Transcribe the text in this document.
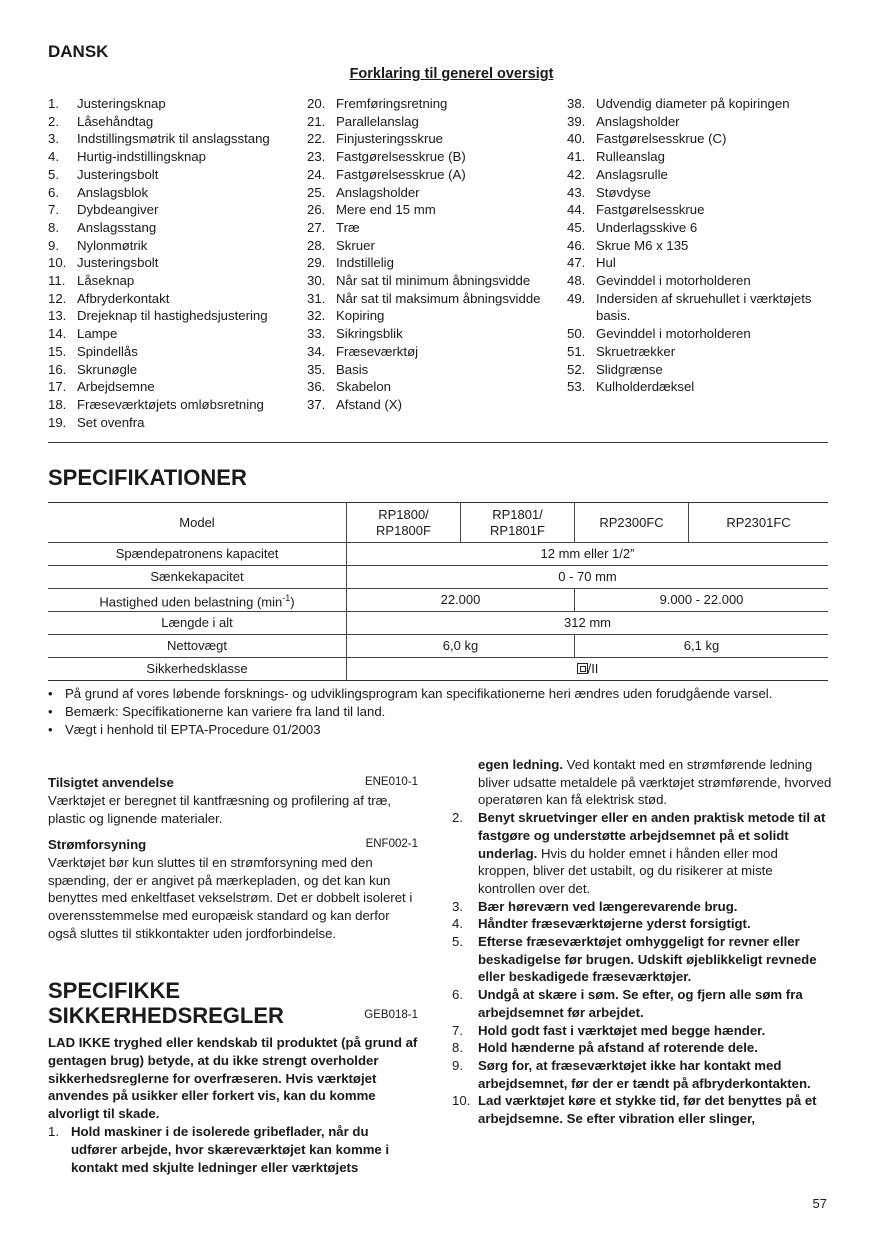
DANSK
Forklaring til generel oversigt
1.	Justeringsknap
2.	Låsehåndtag
3.	Indstillingsmøtrik til anslagsstang
4.	Hurtig-indstillingsknap
5.	Justeringsbolt
6.	Anslagsblok
7.	Dybdeangiver
8.	Anslagsstang
9.	Nylonmøtrik
10. Justeringsbolt
11. Låseknap
12. Afbryderkontakt
13. Drejeknap til hastighedsjustering
14. Lampe
15. Spindellås
16. Skrunøgle
17. Arbejdsemne
18. Fræseværktøjets omløbsretning
19. Set ovenfra
20. Fremføringsretning
21. Parallelanslag
22. Finjusteringsskrue
23. Fastgørelsesskrue (B)
24. Fastgørelsesskrue (A)
25. Anslagsholder
26. Mere end 15 mm
27. Træ
28. Skruer
29. Indstillelig
30. Når sat til minimum åbningsvidde
31. Når sat til maksimum åbningsvidde
32. Kopiring
33. Sikringsblik
34. Fræseværktøj
35. Basis
36. Skabelon
37. Afstand (X)
38. Udvendig diameter på kopiringen
39. Anslagsholder
40. Fastgørelsesskrue (C)
41. Rulleanslag
42. Anslagsrulle
43. Støvdyse
44. Fastgørelsesskrue
45. Underlagsskive 6
46. Skrue M6 x 135
47. Hul
48. Gevinddel i motorholderen
49. Indersiden af skruehullet i værktøjets basis.
50. Gevinddel i motorholderen
51. Skruetrækker
52. Slidgrænse
53. Kulholderdæksel
SPECIFIKATIONER
Model	RP1800/ RP1800F	RP1801/ RP1801F	RP2300FC	RP2301FC
Spændepatronens kapacitet	12 mm eller 1/2”			
Sænkekapacitet	0 - 70 mm			
Hastighed uden belastning $(\min^{-1})$	22.000		9.000 - 22.000	
Længde i alt	312 mm			
Nettovægt	6,0 kg		6,1 kg	
Sikkerhedsklasse	/II			
• På grund af vores løbende forsknings- og udviklingsprogram kan specifikationerne heri ændres uden forudgående varsel.
• Bemærk: Specifikationerne kan variere fra land til land.
• Vægt i henhold til EPTA-Procedure 01/2003
Tilsigtet anvendelse	ENE010-1
Værktøjet er beregnet til kantfræsning og profilering af træ, plastic og lignende materialer.
Strømforsyning	ENF002-1
Værktøjet bør kun sluttes til en strømforsyning med den spænding, der er angivet på mærkepladen, og det kan kun benyttes med enkeltfaset vekselstrøm. Det er dobbelt isoleret i overensstemmelse med europæisk standard og kan derfor også sluttes til stikkontakter uden jordforbindelse.
SPECIFIKKE
SIKKERHEDSREGLER	GEB018-1
LAD IKKE tryghed eller kendskab til produktet (på grund af gentagen brug) betyde, at du ikke strengt overholder sikkerhedsreglerne for overfræseren. Hvis værktøjet anvendes på usikker eller forkert vis, kan du komme alvorligt til skade.
1. Hold maskiner i de isolerede gribeflader, når du udfører arbejde, hvor skæreværktøjet kan komme i kontakt med skjulte ledninger eller værktøjets
egen ledning. Ved kontakt med en strømførende ledning bliver udsatte metaldele på værktøjet strømførende, hvorved operatøren kan få elektrisk stød.
2.	Benyt skruetvinger eller en anden praktisk metode til at fastgøre og understøtte arbejdsemnet på et solidt underlag. Hvis du holder emnet i hånden eller mod kroppen, bliver det ustabilt, og du risikerer at miste kontrollen over det.
3.	Bær høreværn ved længerevarende brug.
4.	Håndter fræseværktøjerne yderst forsigtigt.
5.	Efterse fræseværktøjet omhyggeligt for revner eller beskadigelse før brugen. Udskift øjeblikkeligt revnede eller beskadigede fræseværktøjer.
6.	Undgå at skære i søm. Se efter, og fjern alle søm fra arbejdsemnet før arbejdet.
7.	Hold godt fast i værktøjet med begge hænder.
8.	Hold hænderne på afstand af roterende dele.
9.	Sørg for, at fræseværktøjet ikke har kontakt med arbejdsemnet, før der er tændt på afbryderkontakten.
10. Lad værktøjet køre et stykke tid, før det benyttes på et arbejdsemne. Se efter vibration eller slinger,
57
